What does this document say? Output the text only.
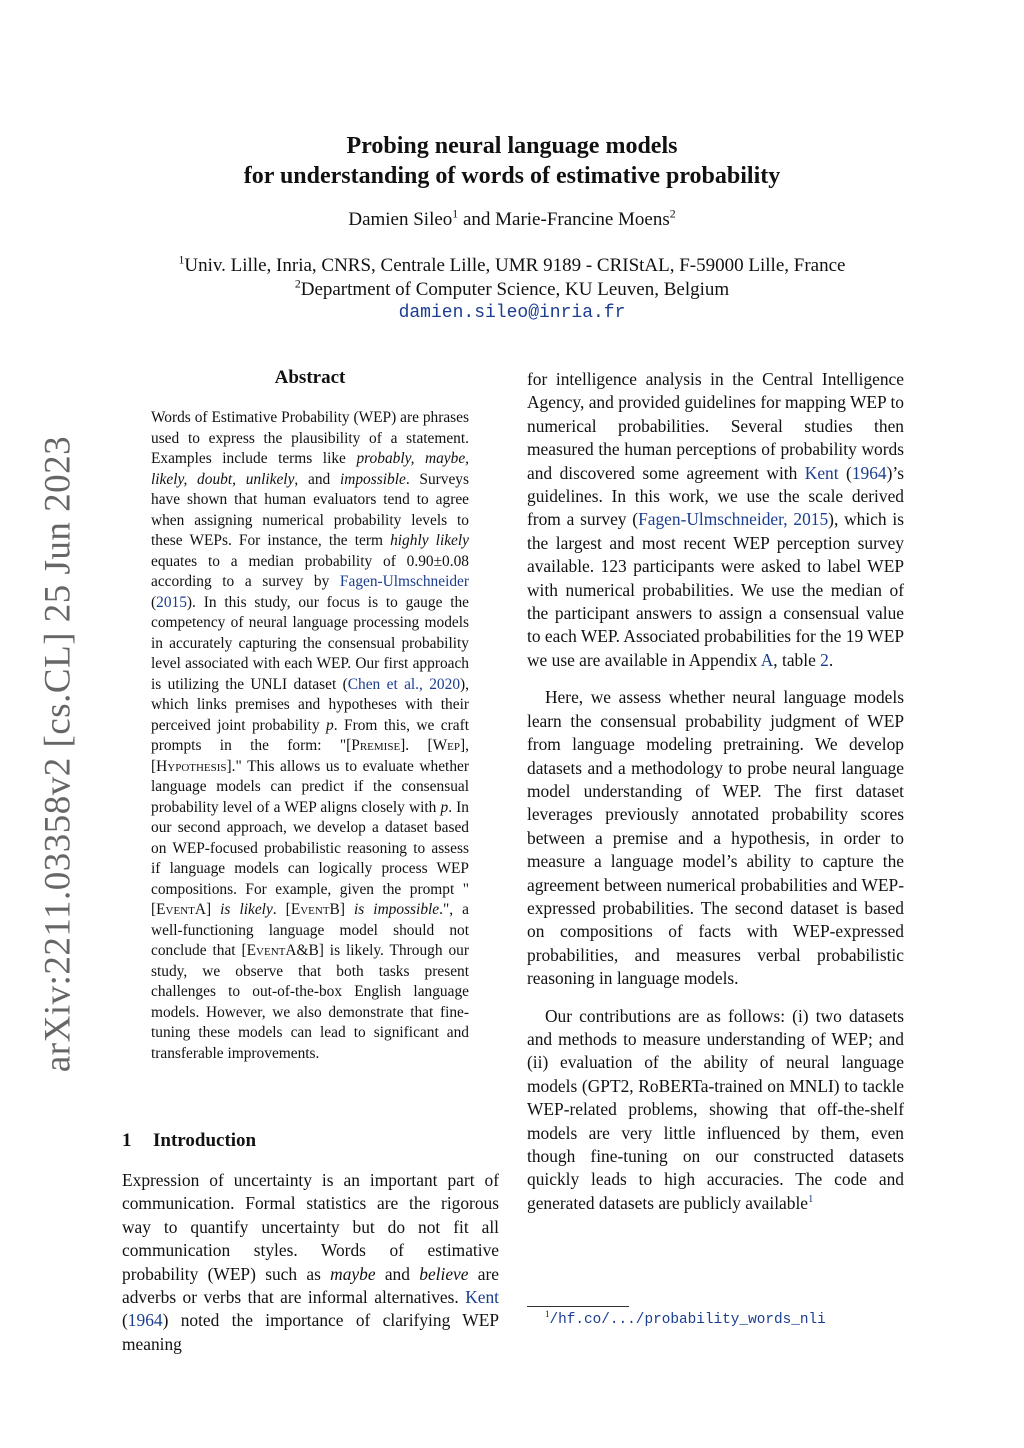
arXiv:2211.03358v2 [cs.CL] 25 Jun 2023
Probing neural language models
for understanding of words of estimative probability
Damien Sileo$^1$ and Marie-Francine Moens$^2$
$^1$Univ. Lille, Inria, CNRS, Centrale Lille, UMR 9189 - CRIStAL, F-59000 Lille, France
$^2$Department of Computer Science, KU Leuven, Belgium
damien.sileo@inria.fr
Abstract
Words of Estimative Probability (WEP) are phrases used to express the plausibility of a statement. Examples include terms like probably, maybe, likely, doubt, unlikely, and impossible. Surveys have shown that human evaluators tend to agree when assigning numerical probability levels to these WEPs. For instance, the term highly likely equates to a median probability of 0.90±0.08 according to a survey by Fagen-Ulmschneider (2015). In this study, our focus is to gauge the competency of neural language processing models in accurately capturing the consensual probability level associated with each WEP. Our first approach is utilizing the UNLI dataset (Chen et al., 2020), which links premises and hypotheses with their perceived joint probability p. From this, we craft prompts in the form: "[Premise]. [Wep], [Hypothesis]." This allows us to evaluate whether language models can predict if the consensual probability level of a WEP aligns closely with p. In our second approach, we develop a dataset based on WEP-focused probabilistic reasoning to assess if language models can logically process WEP compositions. For example, given the prompt "[EventA] is likely. [EventB] is impossible.", a well-functioning language model should not conclude that [EventA&B] is likely. Through our study, we observe that both tasks present challenges to out-of-the-box English language models. However, we also demonstrate that fine-tuning these models can lead to significant and transferable improvements.
1 Introduction
Expression of uncertainty is an important part of communication. Formal statistics are the rigorous way to quantify uncertainty but do not fit all communication styles. Words of estimative probability (WEP) such as maybe and believe are adverbs or verbs that are informal alternatives. Kent (1964) noted the importance of clarifying WEP meaning

for intelligence analysis in the Central Intelligence Agency, and provided guidelines for mapping WEP to numerical probabilities. Several studies then measured the human perceptions of probability words and discovered some agreement with Kent (1964)’s guidelines. In this work, we use the scale derived from a survey (Fagen-Ulmschneider, 2015), which is the largest and most recent WEP perception survey available. 123 participants were asked to label WEP with numerical probabilities. We use the median of the participant answers to assign a consensual value to each WEP. Associated probabilities for the 19 WEP we use are available in Appendix A, table 2.

Here, we assess whether neural language models learn the consensual probability judgment of WEP from language modeling pretraining. We develop datasets and a methodology to probe neural language model understanding of WEP. The first dataset leverages previously annotated probability scores between a premise and a hypothesis, in order to measure a language model’s ability to capture the agreement between numerical probabilities and WEP-expressed probabilities. The second dataset is based on compositions of facts with WEP-expressed probabilities, and measures verbal probabilistic reasoning in language models.

Our contributions are as follows: (i) two datasets and methods to measure understanding of WEP; and (ii) evaluation of the ability of neural language models (GPT2, RoBERTa-trained on MNLI) to tackle WEP-related problems, showing that off-the-shelf models are very little influenced by them, even though fine-tuning on our constructed datasets quickly leads to high accuracies. The code and generated datasets are publicly available$^1$

$^1$/hf.co/.../probability_words_nli
